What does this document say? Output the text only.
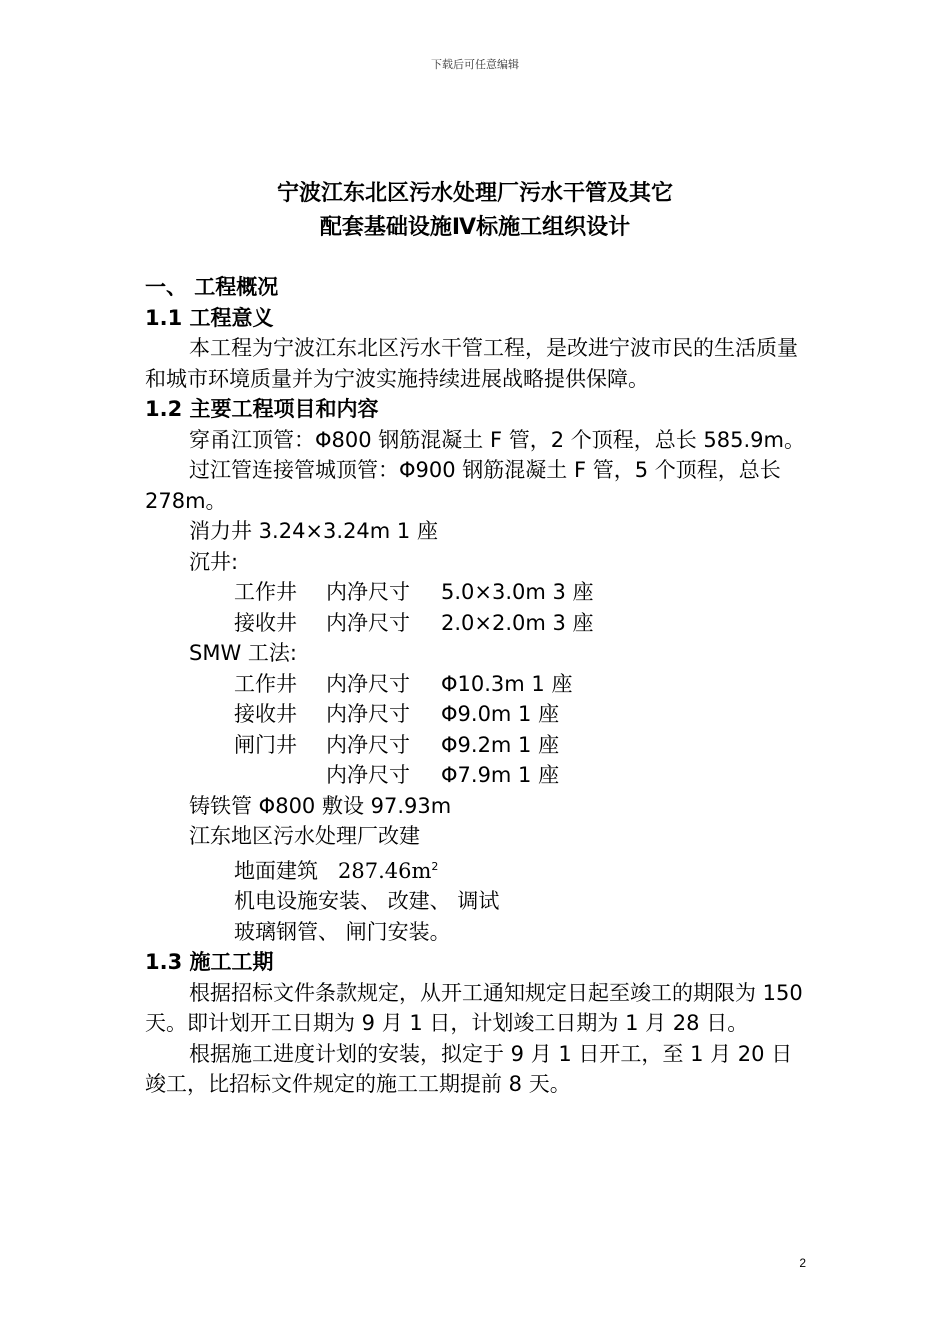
下载后可任意编辑
宁波江东北区污水处理厂污水干管及其它
配套基础设施Ⅳ标施工组织设计
一、 工程概况
1.1 工程意义
本工程为宁波江东北区污水干管工程，是改进宁波市民的生活质量和城市环境质量并为宁波实施持续进展战略提供保障。
1.2 主要工程项目和内容
穿甬江顶管：Φ800 钢筋混凝土 F 管，2 个顶程，总长 585.9m。
过江管连接管城顶管：Φ900 钢筋混凝土 F 管，5 个顶程，总长 278m。
消力井 3.24×3.24m 1 座
沉井:
工作井 内净尺寸 5.0×3.0m 3 座
接收井 内净尺寸 2.0×2.0m 3 座
SMW 工法:
工作井 内净尺寸 Φ10.3m 1 座
接收井 内净尺寸 Φ9.0m 1 座
闸门井 内净尺寸 Φ9.2m 1 座
内净尺寸 Φ7.9m 1 座
铸铁管 Φ800 敷设 97.93m
江东地区污水处理厂改建
地面建筑 $287.46m^2$
机电设施安装、 改建、 调试
玻璃钢管、 闸门安装。
1.3 施工工期
根据招标文件条款规定，从开工通知规定日起至竣工的期限为 150 天。即计划开工日期为 9 月 1 日，计划竣工日期为 1 月 28 日。
根据施工进度计划的安装，拟定于 9 月 1 日开工，至 1 月 20 日竣工，比招标文件规定的施工工期提前 8 天。
2
